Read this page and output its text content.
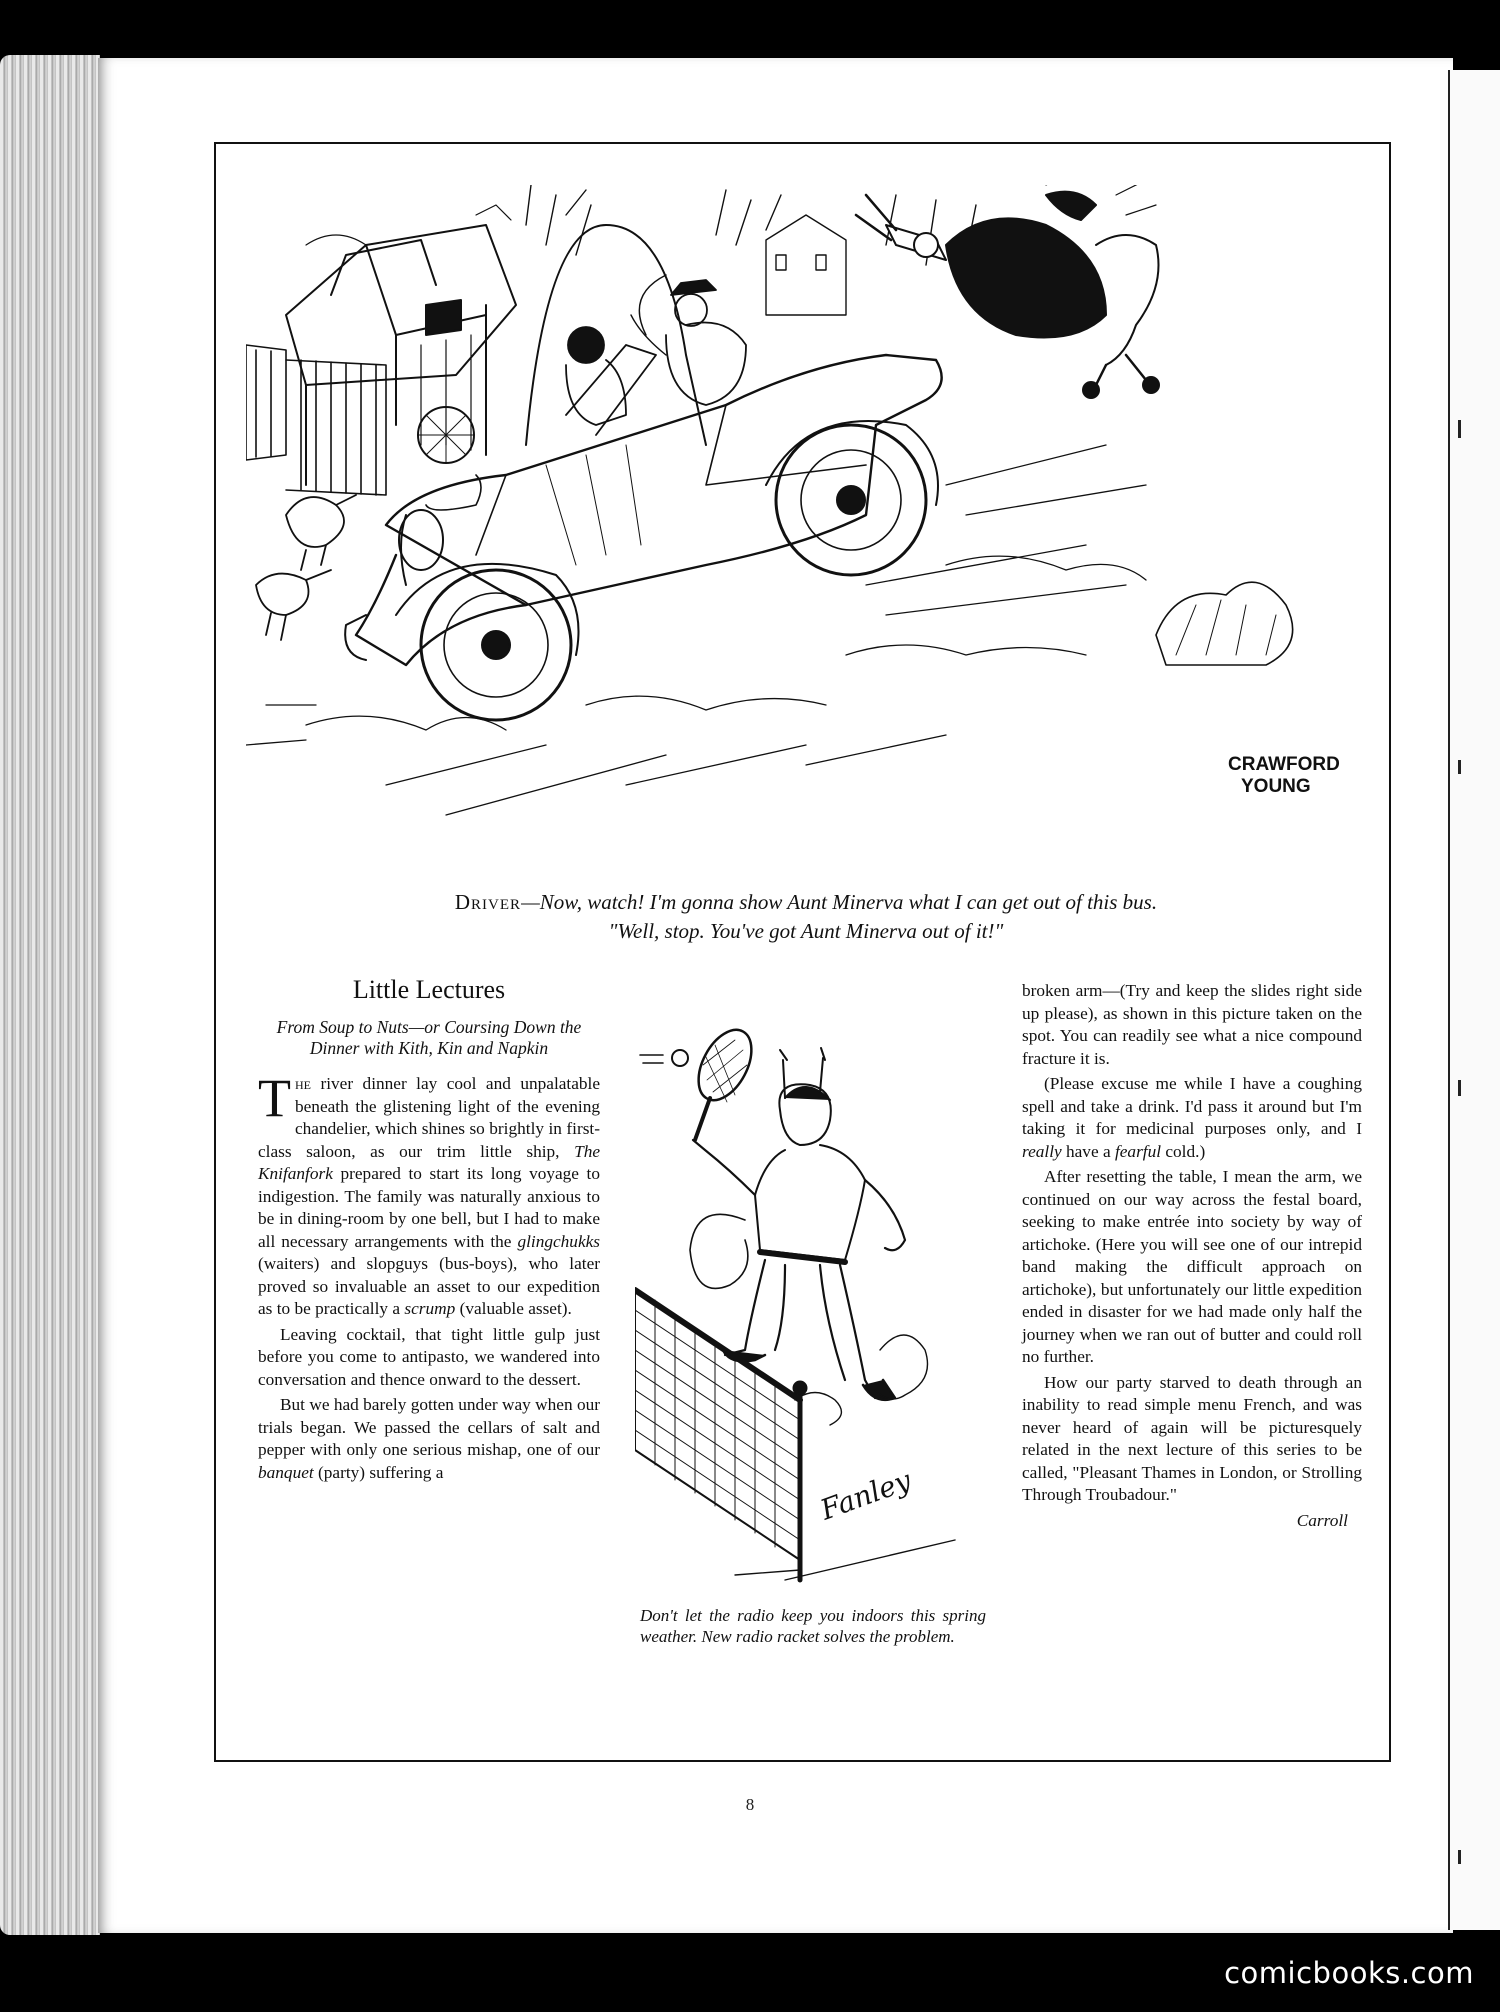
CRAWFORD
YOUNG
Driver—Now, watch! I'm gonna show Aunt Minerva what I can get out of this bus.
"Well, stop. You've got Aunt Minerva out of it!"
Little Lectures
From Soup to Nuts—or Coursing Down the Dinner with Kith, Kin and Napkin

The river dinner lay cool and unpalatable beneath the glistening light of the evening chandelier, which shines so brightly in first-class saloon, as our trim little ship, The Knifanfork prepared to start its long voyage to indigestion. The family was naturally anxious to be in dining-room by one bell, but I had to make all necessary arrangements with the glingchukks (waiters) and slopguys (bus-boys), who later proved so invaluable an asset to our expedition as to be practically a scrump (valuable asset).

Leaving cocktail, that tight little gulp just before you come to antipasto, we wandered into conversation and thence onward to the dessert.

But we had barely gotten under way when our trials began. We passed the cellars of salt and pepper with only one serious mishap, one of our banquet (party) suffering a	Fanley
Don't let the radio keep you indoors this spring weather. New radio racket solves the problem.

broken arm—(Try and keep the slides right side up please), as shown in this picture taken on the spot. You can readily see what a nice compound fracture it is.

(Please excuse me while I have a coughing spell and take a drink. I'd pass it around but I'm taking it for medicinal purposes only, and I really have a fearful cold.)

After resetting the table, I mean the arm, we continued on our way across the festal board, seeking to make entrée into society by way of artichoke. (Here you will see one of our intrepid band making the difficult approach on artichoke), but unfortunately our little expedition ended in disaster for we had made only half the journey when we ran out of butter and could roll no further.

How our party starved to death through an inability to read simple menu French, and was never heard of again will be picturesquely related in the next lecture of this series to be called, "Pleasant Thames in London, or Strolling Through Troubadour."

Carroll
8
comicbooks.com
